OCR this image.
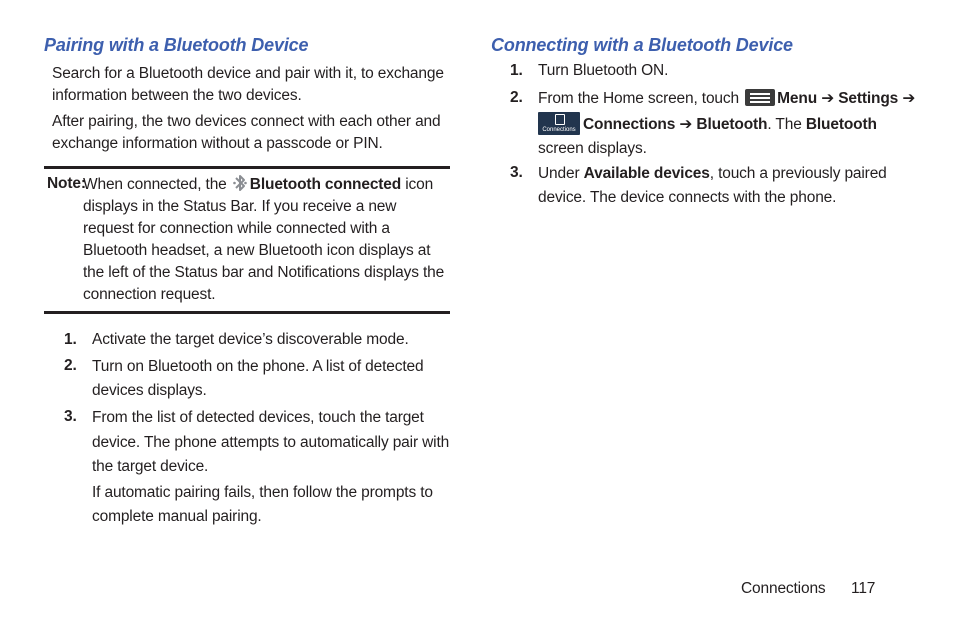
Pairing with a Bluetooth Device

Search for a Bluetooth device and pair with it, to exchange information between the two devices.

After pairing, the two devices connect with each other and exchange information without a passcode or PIN.

Note:

When connected, the Bluetooth connected icon displays in the Status Bar. If you receive a new request for connection while connected with a Bluetooth headset, a new Bluetooth icon displays at the left of the Status bar and Notifications displays the connection request.

1. Activate the target device’s discoverable mode.

2. Turn on Bluetooth on the phone. A list of detected devices displays.

3. From the list of detected devices, touch the target device. The phone attempts to automatically pair with the target device.

If automatic pairing fails, then follow the prompts to complete manual pairing.

Connecting with a Bluetooth Device
1. Turn Bluetooth ON.

2. From the Home screen, touch
Menu ➔ Settings ➔

Connections Connections ➔ Bluetooth. The Bluetooth screen displays.

3. Under Available devices, touch a previously paired device. The device connects with the phone.

Connections 117
